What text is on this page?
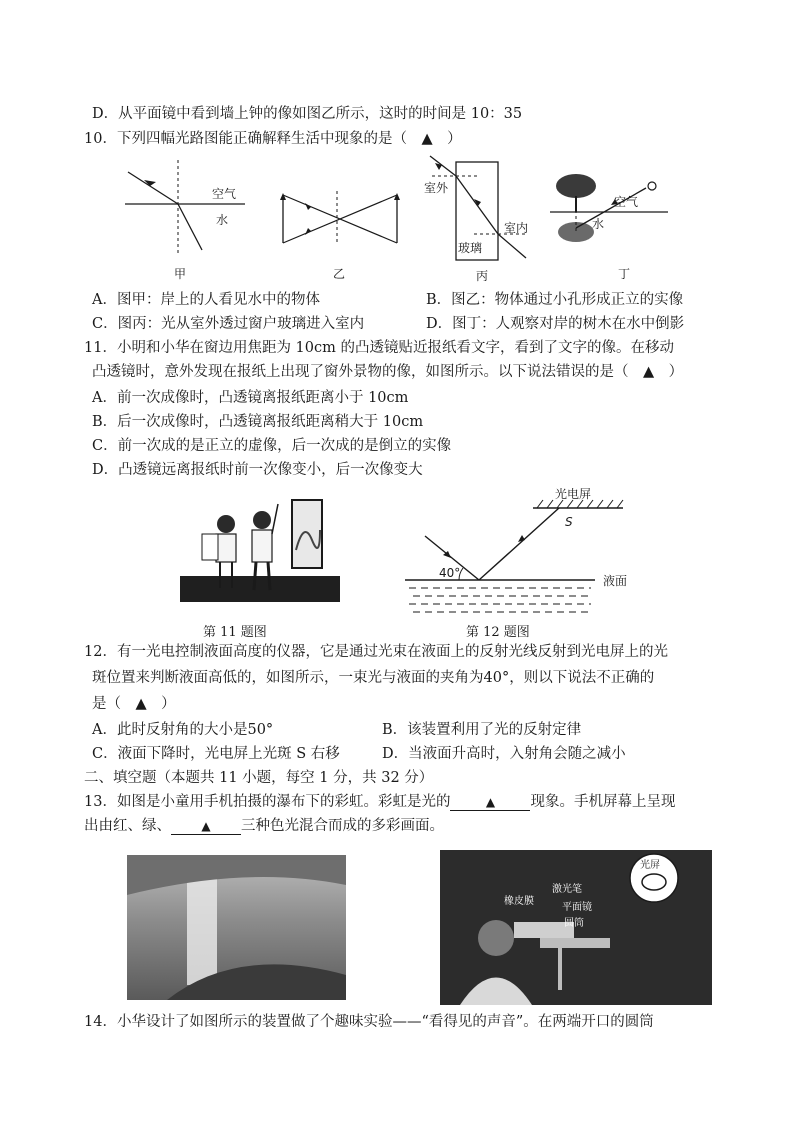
D．从平面镜中看到墙上钟的像如图乙所示，这时的时间是 10：35
10．下列四幅光路图能正确解释生活中现象的是（　▲　）
空气
水
甲	乙
室外
室内
玻璃
丙
空气
水
丁
A．图甲：岸上的人看见水中的物体	B．图乙：物体通过小孔形成正立的实像
C．图丙：光从室外透过窗户玻璃进入室内	D．图丁：人观察对岸的树木在水中倒影
11．小明和小华在窗边用焦距为 10cm 的凸透镜贴近报纸看文字，看到了文字的像。在移动
凸透镜时，意外发现在报纸上出现了窗外景物的像，如图所示。以下说法错误的是（　▲　）
A．前一次成像时，凸透镜离报纸距离小于 10cm
B．后一次成像时，凸透镜离报纸距离稍大于 10cm
C．前一次成的是正立的虚像，后一次成的是倒立的实像
D．凸透镜远离报纸时前一次像变小，后一次像变大
第 11 题图
光电屏
S
40°
液面
第 12 题图
12．有一光电控制液面高度的仪器，它是通过光束在液面上的反射光线反射到光电屏上的光
斑位置来判断液面高低的，如图所示，一束光与液面的夹角为40°，则以下说法不正确的
是（　▲　）
A．此时反射角的大小是50°	B．该装置利用了光的反射定律
C．液面下降时，光电屏上光斑 S 右移	D．当液面升高时，入射角会随之减小
二、填空题（本题共 11 小题，每空 1 分，共 32 分）
13．如图是小童用手机拍摄的瀑布下的彩虹。彩虹是光的	▲ 现象。手机屏幕上呈现
出由红、绿、	▲ 三种色光混合而成的多彩画面。
光屏
橡皮膜
激光笔
平面镜
圆筒
14．小华设计了如图所示的装置做了个趣味实验——“看得见的声音”。在两端开口的圆筒
